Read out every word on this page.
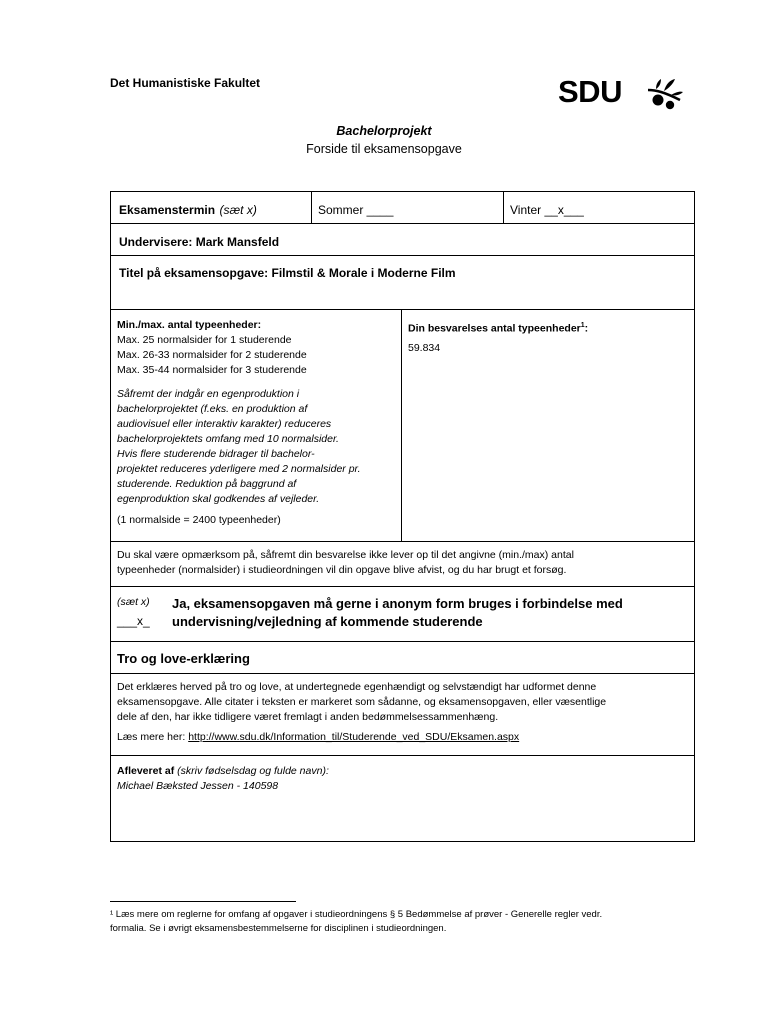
Det Humanistiske Fakultet	SDU
Bachelorprojekt
Forside til eksamensopgave
Eksamenstermin (sæt x)	Sommer ____	Vinter __x___
Undervisere: Mark Mansfeld
Titel på eksamensopgave: Filmstil & Morale i Moderne Film
Min./max. antal typeenheder:
Max. 25 normalsider for 1 studerende
Max. 26-33 normalsider for 2 studerende
Max. 35-44 normalsider for 3 studerende
Såfremt der indgår en egenproduktion i
bachelorprojektet (f.eks. en produktion af
audiovisuel eller interaktiv karakter) reduceres
bachelorprojektets omfang med 10 normalsider.
Hvis flere studerende bidrager til bachelor-
projektet reduceres yderligere med 2 normalsider pr.
studerende. Reduktion på baggrund af
egenproduktion skal godkendes af vejleder.
(1 normalside = 2400 typeenheder)
Din besvarelses antal typeenheder$^1$:
59.834
Du skal være opmærksom på, såfremt din besvarelse ikke lever op til det angivne (min./max) antal
typeenheder (normalsider) i studieordningen vil din opgave blive afvist, og du har brugt et forsøg.
(sæt x)
___x_
Ja, eksamensopgaven må gerne i anonym form bruges i forbindelse med
undervisning/vejledning af kommende studerende
Tro og love-erklæring
Det erklæres herved på tro og love, at undertegnede egenhændigt og selvstændigt har udformet denne
eksamensopgave. Alle citater i teksten er markeret som sådanne, og eksamensopgaven, eller væsentlige
dele af den, har ikke tidligere været fremlagt i anden bedømmelsessammenhæng.
Læs mere her: http://www.sdu.dk/Information_til/Studerende_ved_SDU/Eksamen.aspx
Afleveret af (skriv fødselsdag og fulde navn):
Michael Bæksted Jessen - 140598
¹ Læs mere om reglerne for omfang af opgaver i studieordningens § 5 Bedømmelse af prøver - Generelle regler vedr.
formalia. Se i øvrigt eksamensbestemmelserne for disciplinen i studieordningen.
